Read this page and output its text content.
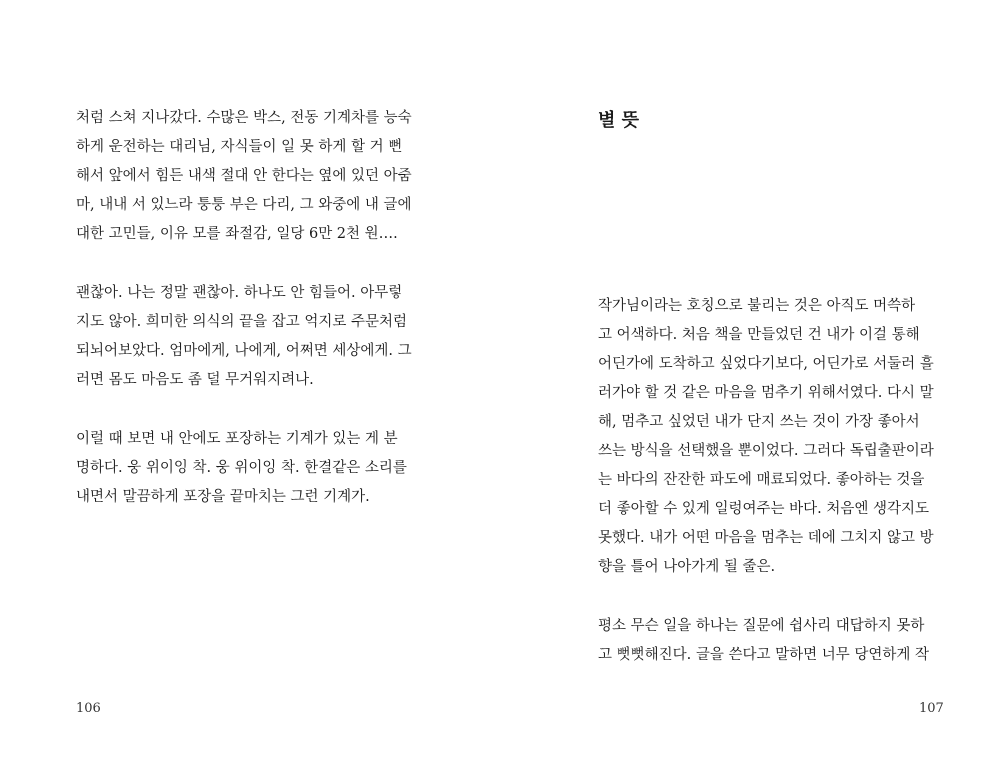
처럼 스쳐 지나갔다. 수많은 박스, 전동 기계차를 능숙
하게 운전하는 대리님, 자식들이 일 못 하게 할 거 뻔
해서 앞에서 힘든 내색 절대 안 한다는 옆에 있던 아줌
마, 내내 서 있느라 퉁퉁 부은 다리, 그 와중에 내 글에
대한 고민들, 이유 모를 좌절감, 일당 6만 2천 원….
괜찮아. 나는 정말 괜찮아. 하나도 안 힘들어. 아무렇
지도 않아. 희미한 의식의 끝을 잡고 억지로 주문처럼
되뇌어보았다. 엄마에게, 나에게, 어쩌면 세상에게. 그
러면 몸도 마음도 좀 덜 무거워지려나.
이럴 때 보면 내 안에도 포장하는 기계가 있는 게 분
명하다. 웅 위이잉 착. 웅 위이잉 착. 한결같은 소리를
내면서 말끔하게 포장을 끝마치는 그런 기계가.
106
별 뜻
작가님이라는 호칭으로 불리는 것은 아직도 머쓱하
고 어색하다. 처음 책을 만들었던 건 내가 이걸 통해
어딘가에 도착하고 싶었다기보다, 어딘가로 서둘러 흘
러가야 할 것 같은 마음을 멈추기 위해서였다. 다시 말
해, 멈추고 싶었던 내가 단지 쓰는 것이 가장 좋아서
쓰는 방식을 선택했을 뿐이었다. 그러다 독립출판이라
는 바다의 잔잔한 파도에 매료되었다. 좋아하는 것을
더 좋아할 수 있게 일렁여주는 바다. 처음엔 생각지도
못했다. 내가 어떤 마음을 멈추는 데에 그치지 않고 방
향을 틀어 나아가게 될 줄은.
평소 무슨 일을 하나는 질문에 쉽사리 대답하지 못하
고 뻣뻣해진다. 글을 쓴다고 말하면 너무 당연하게 작
107
